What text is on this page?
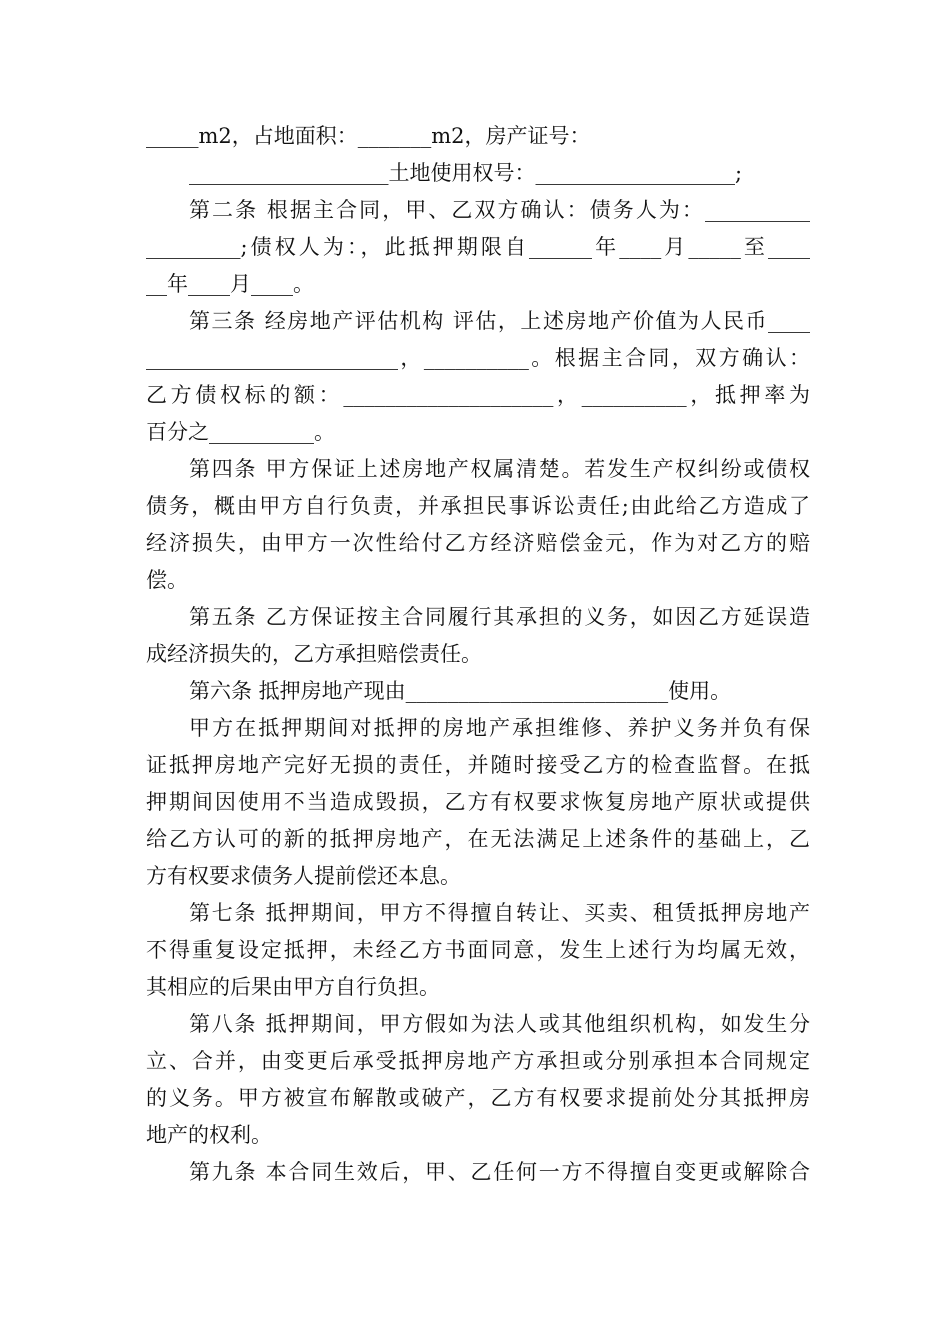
_____m2，占地面积：_______m2，房产证号：
___________________土地使用权号：___________________;
第二条 根据主合同，甲、乙双方确认：债务人为：__________
_________;债权人为：，此抵押期限自______年____月_____至____
__年____月____。
第三条 经房地产评估机构 评估，上述房地产价值为人民币____
________________________，__________。根据主合同，双方确认：
乙方债权标的额：____________________，__________，抵押率为
百分之__________。
第四条 甲方保证上述房地产权属清楚。若发生产权纠纷或债权
债务，概由甲方自行负责，并承担民事诉讼责任;由此给乙方造成了
经济损失，由甲方一次性给付乙方经济赔偿金元，作为对乙方的赔
偿。
第五条 乙方保证按主合同履行其承担的义务，如因乙方延误造
成经济损失的，乙方承担赔偿责任。
第六条 抵押房地产现由_________________________使用。
甲方在抵押期间对抵押的房地产承担维修、养护义务并负有保
证抵押房地产完好无损的责任，并随时接受乙方的检查监督。在抵
押期间因使用不当造成毁损，乙方有权要求恢复房地产原状或提供
给乙方认可的新的抵押房地产，在无法满足上述条件的基础上，乙
方有权要求债务人提前偿还本息。
第七条 抵押期间，甲方不得擅自转让、买卖、租赁抵押房地产
不得重复设定抵押，未经乙方书面同意，发生上述行为均属无效，
其相应的后果由甲方自行负担。
第八条 抵押期间，甲方假如为法人或其他组织机构，如发生分
立、合并，由变更后承受抵押房地产方承担或分别承担本合同规定
的义务。甲方被宣布解散或破产，乙方有权要求提前处分其抵押房
地产的权利。
第九条 本合同生效后，甲、乙任何一方不得擅自变更或解除合
